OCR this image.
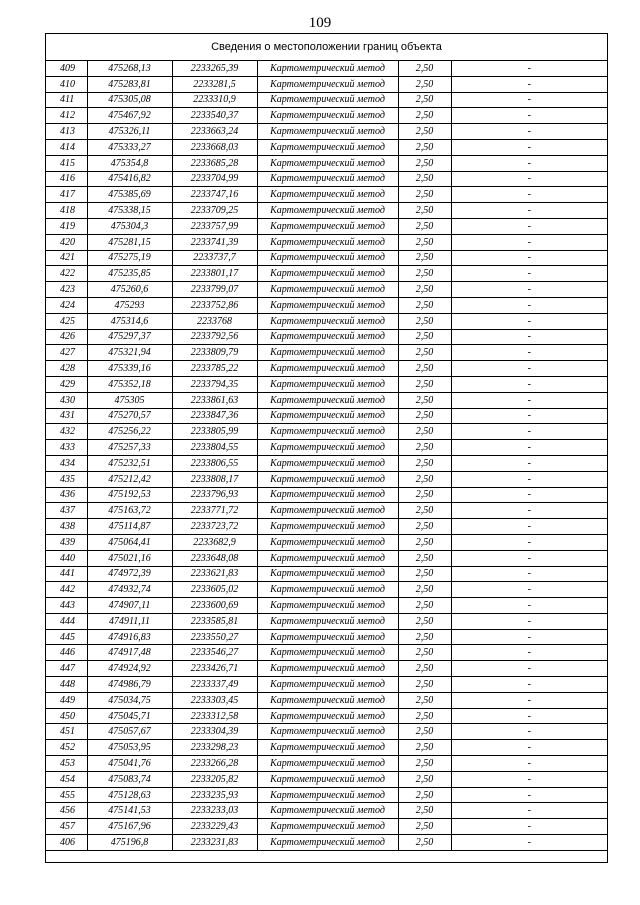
109
Сведения о местоположении границ объекта
409	475268,13	2233265,39	Картометрический метод	2,50	-
410	475283,81	2233281,5	Картометрический метод	2,50	-
411	475305,08	2233310,9	Картометрический метод	2,50	-
412	475467,92	2233540,37	Картометрический метод	2,50	-
413	475326,11	2233663,24	Картометрический метод	2,50	-
414	475333,27	2233668,03	Картометрический метод	2,50	-
415	475354,8	2233685,28	Картометрический метод	2,50	-
416	475416,82	2233704,99	Картометрический метод	2,50	-
417	475385,69	2233747,16	Картометрический метод	2,50	-
418	475338,15	2233709,25	Картометрический метод	2,50	-
419	475304,3	2233757,99	Картометрический метод	2,50	-
420	475281,15	2233741,39	Картометрический метод	2,50	-
421	475275,19	2233737,7	Картометрический метод	2,50	-
422	475235,85	2233801,17	Картометрический метод	2,50	-
423	475260,6	2233799,07	Картометрический метод	2,50	-
424	475293	2233752,86	Картометрический метод	2,50	-
425	475314,6	2233768	Картометрический метод	2,50	-
426	475297,37	2233792,56	Картометрический метод	2,50	-
427	475321,94	2233809,79	Картометрический метод	2,50	-
428	475339,16	2233785,22	Картометрический метод	2,50	-
429	475352,18	2233794,35	Картометрический метод	2,50	-
430	475305	2233861,63	Картометрический метод	2,50	-
431	475270,57	2233847,36	Картометрический метод	2,50	-
432	475256,22	2233805,99	Картометрический метод	2,50	-
433	475257,33	2233804,55	Картометрический метод	2,50	-
434	475232,51	2233806,55	Картометрический метод	2,50	-
435	475212,42	2233808,17	Картометрический метод	2,50	-
436	475192,53	2233796,93	Картометрический метод	2,50	-
437	475163,72	2233771,72	Картометрический метод	2,50	-
438	475114,87	2233723,72	Картометрический метод	2,50	-
439	475064,41	2233682,9	Картометрический метод	2,50	-
440	475021,16	2233648,08	Картометрический метод	2,50	-
441	474972,39	2233621,83	Картометрический метод	2,50	-
442	474932,74	2233605,02	Картометрический метод	2,50	-
443	474907,11	2233600,69	Картометрический метод	2,50	-
444	474911,11	2233585,81	Картометрический метод	2,50	-
445	474916,83	2233550,27	Картометрический метод	2,50	-
446	474917,48	2233546,27	Картометрический метод	2,50	-
447	474924,92	2233426,71	Картометрический метод	2,50	-
448	474986,79	2233337,49	Картометрический метод	2,50	-
449	475034,75	2233303,45	Картометрический метод	2,50	-
450	475045,71	2233312,58	Картометрический метод	2,50	-
451	475057,67	2233304,39	Картометрический метод	2,50	-
452	475053,95	2233298,23	Картометрический метод	2,50	-
453	475041,76	2233266,28	Картометрический метод	2,50	-
454	475083,74	2233205,82	Картометрический метод	2,50	-
455	475128,63	2233235,93	Картометрический метод	2,50	-
456	475141,53	2233233,03	Картометрический метод	2,50	-
457	475167,96	2233229,43	Картометрический метод	2,50	-
406	475196,8	2233231,83	Картометрический метод	2,50	-
